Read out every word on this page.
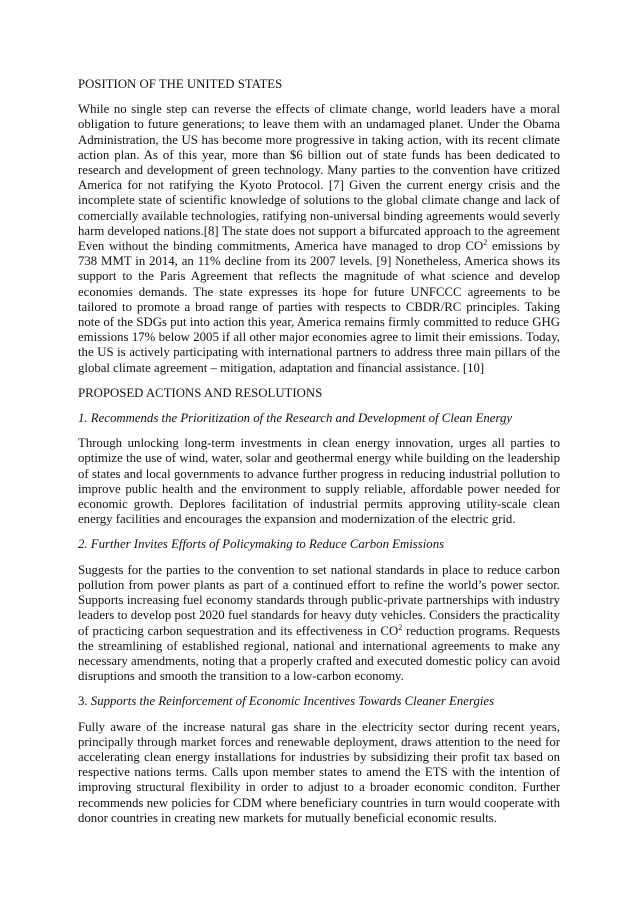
POSITION OF THE UNITED STATES

While no single step can reverse the effects of climate change, world leaders have a moral obligation to future generations; to leave them with an undamaged planet. Under the Obama Administration, the US has become more progressive in taking action, with its recent climate action plan. As of this year, more than $6 billion out of state funds has been dedicated to research and development of green technology. Many parties to the convention have critized America for not ratifying the Kyoto Protocol. [7] Given the current energy crisis and the incomplete state of scientific knowledge of solutions to the global climate change and lack of comercially available technologies, ratifying non-universal binding agreements would severly harm developed nations.[8] The state does not support a bifurcated approach to the agreement Even without the binding commitments, America have managed to drop $CO^2$ emissions by 738 MMT in 2014, an 11% decline from its 2007 levels. [9] Nonetheless, America shows its support to the Paris Agreement that reflects the magnitude of what science and develop economies demands. The state expresses its hope for future UNFCCC agreements to be tailored to promote a broad range of parties with respects to CBDR/RC principles. Taking note of the SDGs put into action this year, America remains firmly committed to reduce GHG emissions 17% below 2005 if all other major economies agree to limit their emissions. Today, the US is actively participating with international partners to address three main pillars of the global climate agreement – mitigation, adaptation and financial assistance. [10]

PROPOSED ACTIONS AND RESOLUTIONS

1. Recommends the Prioritization of the Research and Development of Clean Energy

Through unlocking long-term investments in clean energy innovation, urges all parties to optimize the use of wind, water, solar and geothermal energy while building on the leadership of states and local governments to advance further progress in reducing industrial pollution to improve public health and the environment to supply reliable, affordable power needed for economic growth. Deplores facilitation of industrial permits approving utility-scale clean energy facilities and encourages the expansion and modernization of the electric grid.

2. Further Invites Efforts of Policymaking to Reduce Carbon Emissions

Suggests for the parties to the convention to set national standards in place to reduce carbon pollution from power plants as part of a continued effort to refine the world’s power sector. Supports increasing fuel economy standards through public-private partnerships with industry leaders to develop post 2020 fuel standards for heavy duty vehicles. Considers the practicality of practicing carbon sequestration and its effectiveness in $CO^2$ reduction programs. Requests the streamlining of established regional, national and international agreements to make any necessary amendments, noting that a properly crafted and executed domestic policy can avoid disruptions and smooth the transition to a low-carbon economy.

3. Supports the Reinforcement of Economic Incentives Towards Cleaner Energies

Fully aware of the increase natural gas share in the electricity sector during recent years, principally through market forces and renewable deployment, draws attention to the need for accelerating clean energy installations for industries by subsidizing their profit tax based on respective nations terms. Calls upon member states to amend the ETS with the intention of improving structural flexibility in order to adjust to a broader economic conditon. Further recommends new policies for CDM where beneficiary countries in turn would cooperate with donor countries in creating new markets for mutually beneficial economic results.
